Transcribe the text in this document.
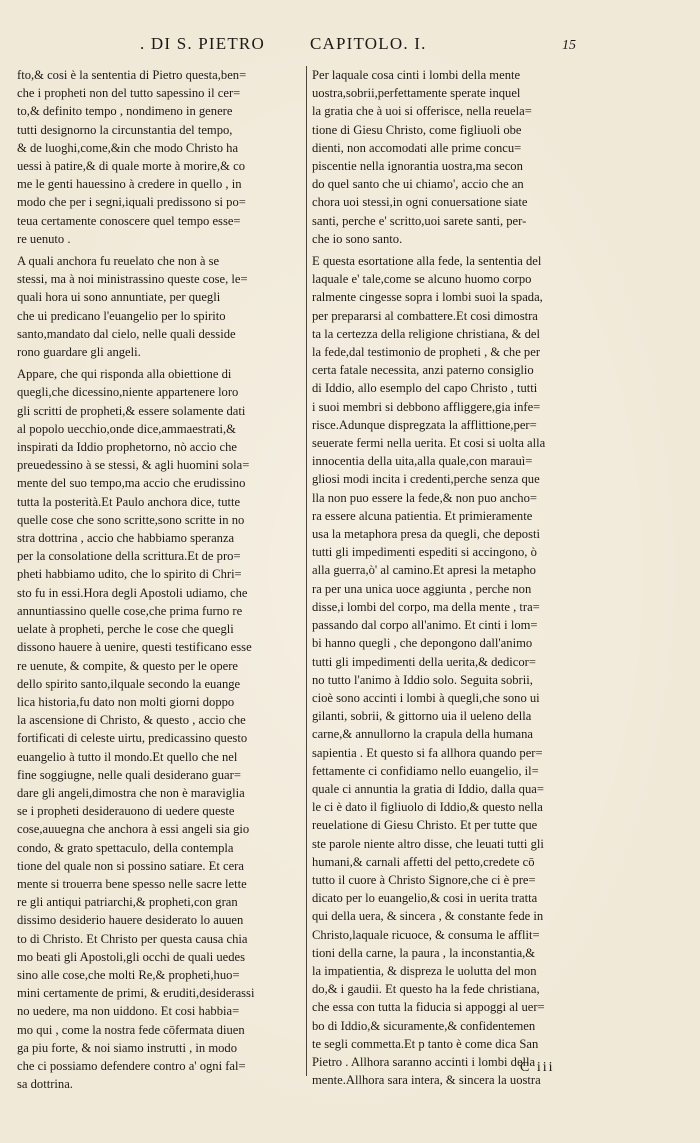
. DI S. PIETRO	CAPITOLO. I.	15
fto,& cosi è la sententia di Pietro questa,ben=
che i propheti non del tutto sapessino il cer=
to,& definito tempo , nondimeno in genere
tutti designorno la circunstantia del tempo,
& de luoghi,come,&in che modo Christo ha
uessi à patire,& di quale morte à morire,& co
me le genti hauessino à credere in quello , in
modo che per i segni,iquali predissono si po=
teua certamente conoscere quel tempo esse=
re uenuto .
A quali anchora fu reuelato che non à se
stessi, ma à noi ministrassino queste cose, le=
quali hora ui sono annuntiate, per quegli
che ui predicano l'euangelio per lo spirito
santo,mandato dal cielo, nelle quali desside
rono guardare gli angeli.
Appare, che qui risponda alla obiettione di
quegli,che dicessino,niente appartenere loro
gli scritti de propheti,& essere solamente dati
al popolo uecchio,onde dice,ammaestrati,&
inspirati da Iddio prophetorno, nò accio che
preuedessino à se stessi, & agli huomini sola=
mente del suo tempo,ma accio che erudissino
tutta la posterità.Et Paulo anchora dice, tutte
quelle cose che sono scritte,sono scritte in no
stra dottrina , accio che habbiamo speranza
per la consolatione della scrittura.Et de pro=
pheti habbiamo udito, che lo spirito di Chri=
sto fu in essi.Hora degli Apostoli udiamo, che
annuntiassino quelle cose,che prima furno re
uelate à propheti, perche le cose che quegli
dissono hauere à uenire, questi testificano esse
re uenute, & compite, & questo per le opere
dello spirito santo,ilquale secondo la euange
lica historia,fu dato non molti giorni doppo
la ascensione di Christo, & questo , accio che
fortificati di celeste uirtu, predicassino questo
euangelio à tutto il mondo.Et quello che nel
fine soggiugne, nelle quali desiderano guar=
dare gli angeli,dimostra che non è maraviglia
se i propheti desiderauono di uedere queste
cose,auuegna che anchora à essi angeli sia gio
condo, & grato spettaculo, della contempla
tione del quale non si possino satiare. Et cera
mente si trouerra bene spesso nelle sacre lette
re gli antiqui patriarchi,& propheti,con gran
dissimo desiderio hauere desiderato lo auuen
to di Christo. Et Christo per questa causa chia
mo beati gli Apostoli,gli occhi de quali uedes
sino alle cose,che molti Re,& propheti,huo=
mini certamente de primi, & eruditi,desiderassi
no uedere, ma non uiddono. Et cosi habbia=
mo qui , come la nostra fede cōfermata diuen
ga piu forte, & noi siamo instrutti , in modo
che ci possiamo defendere contro a' ogni fal=
sa dottrina.
Per laquale cosa cinti i lombi della mente
uostra,sobrii,perfettamente sperate inquel
la gratia che à uoi si offerisce, nella reuela=
tione di Giesu Christo, come figliuoli obe
dienti, non accomodati alle prime concu=
piscentie nella ignorantia uostra,ma secon
do quel santo che ui chiamo', accio che an
chora uoi stessi,in ogni conuersatione siate
santi, perche e' scritto,uoi sarete santi, per-
che io sono santo.
E questa esortatione alla fede, la sententia del
laquale e' tale,come se alcuno huomo corpo
ralmente cingesse sopra i lombi suoi la spada,
per prepararsi al combattere.Et cosi dimostra
ta la certezza della religione christiana, & del
la fede,dal testimonio de propheti , & che per
certa fatale necessita, anzi paterno consiglio
di Iddio, allo esemplo del capo Christo , tutti
i suoi membri si debbono affliggere,gia infe=
risce.Adunque dispregzata la afflittione,per=
seuerate fermi nella uerita. Et cosi si uolta alla
innocentia della uita,alla quale,con marauì=
gliosi modi incita i credenti,perche senza que
lla non puo essere la fede,& non puo ancho=
ra essere alcuna patientia. Et primieramente
usa la metaphora presa da quegli, che deposti
tutti gli impedimenti espediti si accingono, ò
alla guerra,ò' al camino.Et apresi la metapho
ra per una unica uoce aggiunta , perche non
disse,i lombi del corpo, ma della mente , tra=
passando dal corpo all'animo. Et cinti i lom=
bi hanno quegli , che depongono dall'animo
tutti gli impedimenti della uerita,& dedicor=
no tutto l'animo à Iddio solo. Seguita sobrii,
cioè sono accinti i lombi à quegli,che sono ui
gilanti, sobrii, & gittorno uia il ueleno della
carne,& annullorno la crapula della humana
sapientia . Et questo si fa allhora quando per=
fettamente ci confidiamo nello euangelio, il=
quale ci annuntia la gratia di Iddio, dalla qua=
le ci è dato il figliuolo di Iddio,& questo nella
reuelatione di Giesu Christo. Et per tutte que
ste parole niente altro disse, che leuati tutti gli
humani,& carnali affetti del petto,credete cō
tutto il cuore à Christo Signore,che ci è pre=
dicato per lo euangelio,& cosi in uerita tratta
qui della uera, & sincera , & constante fede in
Christo,laquale ricuoce, & consuma le afflit=
tioni della carne, la paura , la inconstantia,&
la impatientia, & dispreza le uolutta del mon
do,& i gaudii. Et questo ha la fede christiana,
che essa con tutta la fiducia si appoggi al uer=
bo di Iddio,& sicuramente,& confidentemen
te segli commetta.Et p tanto è come dica San
Pietro . Allhora saranno accinti i lombi della
mente.Allhora sara intera, & sincera la uostra
C iii
